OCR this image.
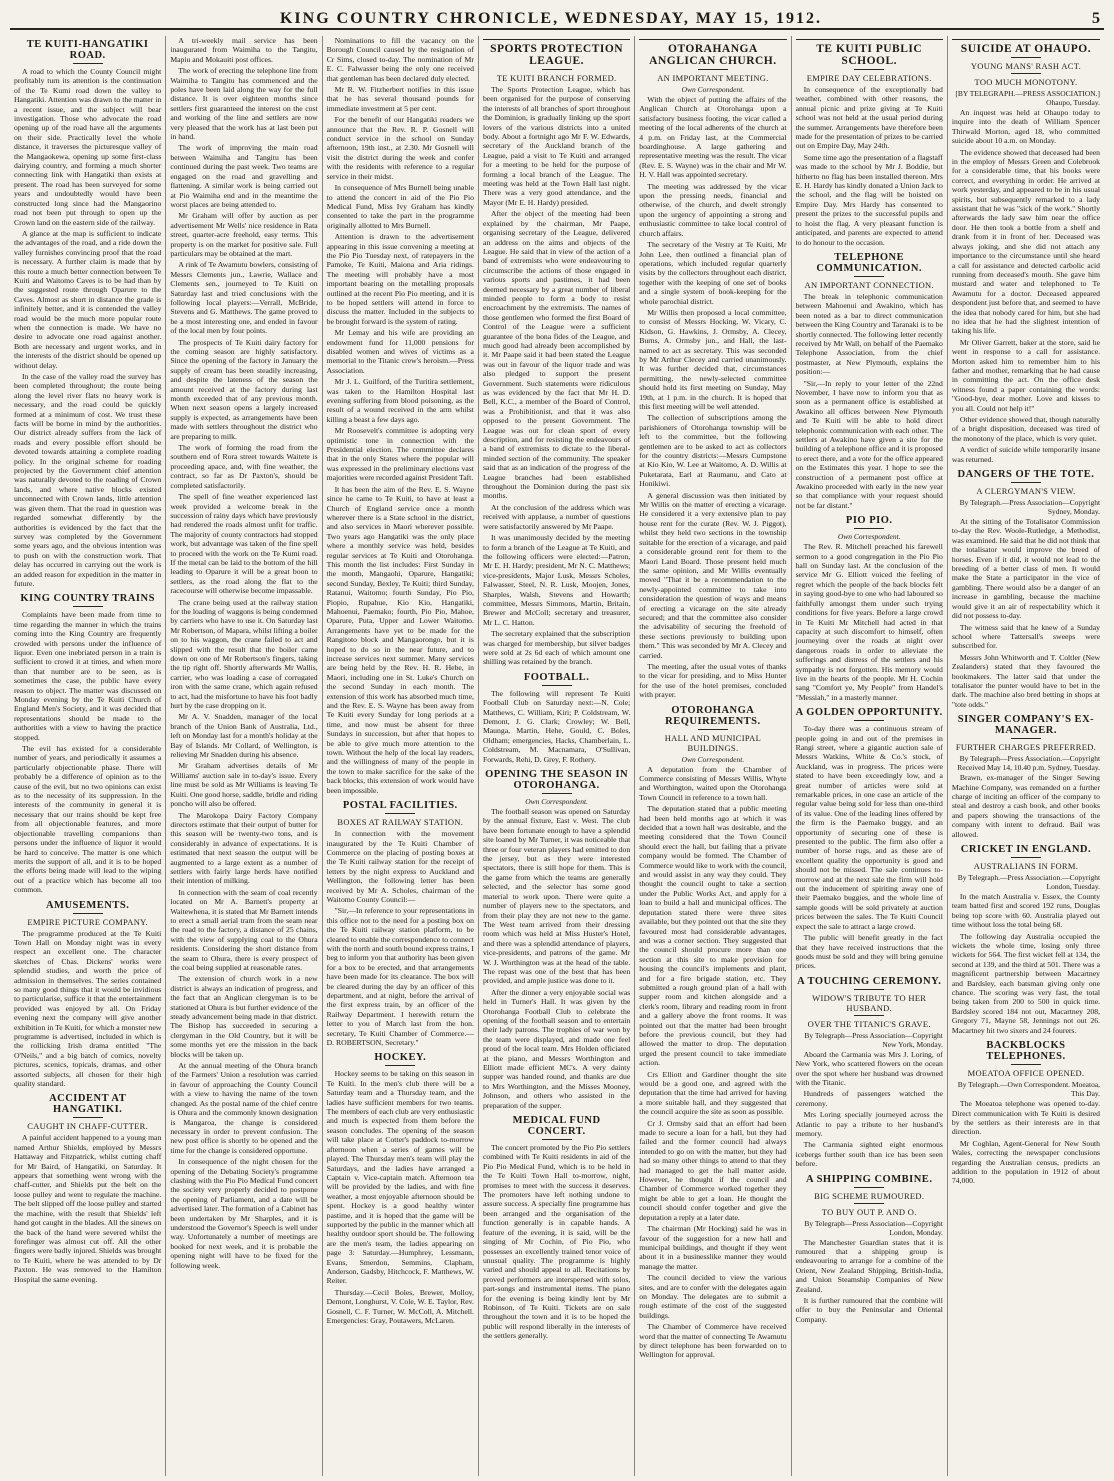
KING COUNTRY CHRONICLE, WEDNESDAY, MAY 15, 1912.	5
TE KUITI-HANGATIKI ROAD.

A road to which the County Council might profitably turn its attention is the continuation of the Te Kumi road down the valley to Hangatiki. Attention was drawn to the matter in a recent issue, and the subject will bear investigation. Those who advocate the road opening up of the road have all the arguments on their side. Practically level the whole distance, it traverses the picturesque valley of the Mangaokewa, opening up some first-class dairying country, and forming a much shorter connecting link with Hangatiki than exists at present. The road has been surveyed for some years and undoubtedly would have been constructed long since had the Mangaorino road not been put through to open up the Crown land on the eastern side of the railway.

A glance at the map is sufficient to indicate the advantages of the road, and a ride down the valley furnishes convincing proof that the road is necessary. A further claim is made that by this route a much better connection between Te Kuiti and Waitomo Caves is to be had than by the suggested route through Oparure to the Caves. Almost as short in distance the grade is infinitely better, and it is contended the valley road would be the much more popular route when the connection is made. We have no desire to advocate one road against another. Both are necessary and urgent works, and in the interests of the district should be opened up without delay.

In the case of the valley road the survey has been completed throughout; the route being along the level river flats no heavy work is necessary, and the road could be quickly formed at a minimum of cost. We trust these facts will be borne in mind by the authorities. Our district already suffers from the lack of roads and every possible effort should be devoted towards attaining a complete roading policy. In the original scheme for roading projected by the Government chief attention was naturally devoted to the roading of Crown lands, and where native blocks existed unconnected with Crown lands, little attention was given them. That the road in question was regarded somewhat differently by the authorities is evidenced by the fact that the survey was completed by the Government some years ago, and the obvious intention was to push on with the construction work. That delay has occurred in carrying out the work is an added reason for expedition in the matter in future.

KING COUNTRY TRAINS

Complaints have been made from time to time regarding the manner in which the trains coming into the King Country are frequently crowded with persons under the influence of liquor. Even one inebriated person in a train is sufficient to crowd it at times, and when more than that number are to be seen, as is sometimes the case, the public have every reason to object. The matter was discussed on Monday evening by the Te Kuiti Church of England Men's Society, and it was decided that representations should be made to the authorities with a view to having the practice stopped.

The evil has existed for a considerable number of years, and periodically it assumes a particularly objectionable phase. There will probably be a difference of opinion as to the cause of the evil, but no two opinions can exist as to the necessity of its suppression. In the interests of the community in general it is necessary that our trains should be kept free from all objectionable features, and more objectionable travelling companions than persons under the influence of liquor it would be hard to conceive. The matter is one which merits the support of all, and it is to be hoped the efforts being made will lead to the wiping out of a practice which has become all too common.

AMUSEMENTS.
EMPIRE PICTURE COMPANY.

The programme produced at the Te Kuiti Town Hall on Monday night was in every respect an excellent one. The character sketches of Chas. Dickens' works were splendid studies, and worth the price of admission in themselves. The series contained so many good things that it would be invidious to particularise, suffice it that the entertainment provided was enjoyed by all. On Friday evening next the company will give another exhibition in Te Kuiti, for which a monster new programme is advertised, included in which is the rollicking Irish drama entitled "The O'Neils," and a big batch of comics, novelty pictures, scenics, topicals, dramas, and other assorted subjects, all chosen for their high quality standard.

ACCIDENT AT HANGATIKI.
CAUGHT IN CHAFF-CUTTER.

A painful accident happened to a young man named Arthur Shields, employed by Messrs Hattaway and Fitzpatrick, whilst cutting chaff for Mr Baird, of Hangatiki, on Saturday. It appears that something went wrong with the chaff-cutter, and Shields put the belt on the loose pulley and went to regulate the machine. The belt slipped off the loose pulley and started the machine, with the result that Shields' left hand got caught in the blades. All the sinews on the back of the hand were severed whilst the forefinger was almost cut off. All the other fingers were badly injured. Shields was brought to Te Kuiti, where he was attended to by Dr Paxton. He was removed to the Hamilton Hospital the same evening.

A tri-weekly mail service has been inaugurated from Waimiha to the Tangitu, Mapiu and Mokauiti post offices.

The work of erecting the telephone line from Waimiha to Tangitu has commenced and the poles have been laid along the way for the full distance. It is over eighteen months since settlers first guaranteed the interest on the cost and working of the line and settlers are now very pleased that the work has at last been put in hand.

The work of improving the main road between Waimiha and Tangitu has been continued during the past week. Two teams are engaged on the road and gravelling and flattening. A similar work is being carried out at Pio Waimiha end and in the meantime the worst places are being attended to.

Mr Graham will offer by auction as per advertisement Mr Wells' nice residence in Rata street, quarter-acre freehold, easy terms. This property is on the market for positive sale. Full particulars may be obtained at the mart.

A rink of Te Awamutu bowlers, consisting of Messrs Clements jun., Lawrie, Wallace and Clements sen., journeyed to Te Kuiti on Saturday last and tried conclusions with the following local players:—Verrall, McBride, Stevens and G. Matthews. The game proved to be a most interesting one, and ended in favour of the local men by four points.

The prospects of Te Kuiti dairy factory for the coming season are highly satisfactory. Since the opening of the factory in January the supply of cream has been steadily increasing, and despite the lateness of the season the amount received at the factory during last month exceeded that of any previous month. When next season opens a largely increased supply is expected, as arrangements have been made with settlers throughout the district who are preparing to milk.

The work of forming the road from the southern end of Rora street towards Waitete is proceeding apace, and, with fine weather, the contract, so far as Dr Paxton's, should be completed satisfactorily.

The spell of fine weather experienced last week provided a welcome break in the succession of rainy days which have previously had rendered the roads almost unfit for traffic. The majority of county contractors had stopped work, but advantage was taken of the fine spell to proceed with the work on the Te Kumi road. If the metal can be laid to the bottom of the hill leading to Oparure it will be a great boon to settlers, as the road along the flat to the racecourse will otherwise become impassable.

The crane being used at the railway station for the loading of waggons is being condemned by carriers who have to use it. On Saturday last Mr Robertson, of Mapara, whilst lifting a boiler on to his waggon, the crane failed to act and slipped with the result that the boiler came down on one of Mr Robertson's fingers, taking the tip right off. Shortly afterwards Mr Wallis, carrier, who was loading a case of corrugated iron with the same crane, which again refused to act, had the misfortune to have his foot badly hurt by the case dropping on it.

Mr A. V. Snadden, manager of the local branch of the Union Bank of Australia, Ltd., left on Monday last for a month's holiday at the Bay of Islands. Mr Collard, of Wellington, is relieving Mr Snadden during his absence.

Mr Graham advertises details of Mr Williams' auction sale in to-day's issue. Every line must be sold as Mr Williams is leaving Te Kuiti. One good horse, saddle, bridle and riding poncho will also be offered.

The Marokopa Dairy Factory Company directors estimate that their output of butter for this season will be twenty-two tons, and is considerably in advance of expectations. It is estimated that next season the output will be augmented to a large extent as a number of settlers with fairly large herds have notified their intention of milking.

In connection with the seam of coal recently located on Mr A. Barnett's property at Waitewhena, it is stated that Mr Barnett intends to erect a small aerial tram from the seam near the road to the factory, a distance of 25 chains, with the view of supplying coal to the Ohura residents. Considering the short distance from the seam to Ohura, there is every prospect of the coal being supplied at reasonable rates.

The extension of church work in a new district is always an indication of progress, and the fact that an Anglican clergyman is to be stationed at Ohura is but further evidence of the steady advancement being made in that district. The Bishop has succeeded in securing a clergyman in the Old Country, but it will be some months yet ere the mission in the back blocks will be taken up.

At the annual meeting of the Ohura branch of the Farmers' Union a resolution was carried in favour of approaching the County Council with a view to having the name of the town changed. As the postal name of the chief centre is Ohura and the commonly known designation is Mangaroa, the change is considered necessary in order to prevent confusion. The new post office is shortly to be opened and the time for the change is considered opportune.

In consequence of the night chosen for the opening of the Debating Society's programme clashing with the Pio Pio Medical Fund concert the society very properly decided to postpone the opening of Parliament, and a date will be advertised later. The formation of a Cabinet has been undertaken by Mr Sharples, and it is understood the Governor's Speech is well under way. Unfortunately a number of meetings are booked for next week, and it is probable the opening night will have to be fixed for the following week.

Nominations to fill the vacancy on the Borough Council caused by the resignation of Cr Sims, closed to-day. The nomination of Mr E. C. Falwasser being the only one received that gentleman has been declared duly elected.

Mr R. W. Fitzherbert notifies in this issue that he has several thousand pounds for immediate investment at 5 per cent.

For the benefit of our Hangatiki readers we announce that the Rev. R. P. Gosnell will conduct service in the school on Sunday afternoon, 19th inst., at 2.30. Mr Gosnell will visit the district during the week and confer with the residents with reference to a regular service in their midst.

In consequence of Mrs Burnell being unable to attend the concert in aid of the Pio Pio Medical Fund, Miss Ivy Graham has kindly consented to take the part in the programme originally allotted to Mrs Burnell.

Attention is drawn to the advertisement appearing in this issue convening a meeting at the Pio Pio Tuesday next, of ratepayers in the Pamoke, Te Kuiti, Maiona and Aria ridings. The meeting will probably have a most important bearing on the metalling proposals outlined at the recent Pio Pio meeting, and it is to be hoped settlers will attend in force to discuss the matter. Included in the subjects to be brought forward is the system of rating.

Mr Lemay and his wife are providing an endowment fund for 11,000 pensions for disabled women and wives of victims as a memorial to the Titanic crew's heroism.—Press Association.

Mr J. L. Guilford, of the Turitira settlement, was taken to the Hamilton Hospital last evening suffering from blood poisoning, as the result of a wound received in the arm whilst killing a beast a few days ago.

Mr Roosevelt's committee is adopting very optimistic tone in connection with the Presidential election. The committee declares that in the only States where the popular will was expressed in the preliminary elections vast majorities were recorded against President Taft.

It has been the aim of the Rev. E. S. Wayne since he came to Te Kuiti, to have at least a Church of England service once a month wherever there is a State school in the district, and also services in Maori wherever possible. Two years ago Hangatiki was the only place where a monthly service was held, besides regular services at Te Kuiti and Otorohanga. This month the list includes: First Sunday in the month, Mangaohi, Oparure, Hangatiki; second Sunday, Bexley, Te Kuiti; third Sunday, Ratanui, Waitomo; fourth Sunday, Pio Pio, Piopio, Rupahue, Kio Kio, Hangatiki, Mahoenui, Paemako; fourth, Pio Pio, Mahoe, Oparure, Puta, Upper and Lower Waitomo. Arrangements have yet to be made for the Rangitoto block and Mangaorongo, but it is hoped to do so in the near future, and to increase services next summer. Many services are being held by the Rev. H. R. Hebe, in Maori, including one in St. Luke's Church on the second Sunday in each month. The extension of this work has absorbed much time, and the Rev. E. S. Wayne has been away from Te Kuiti every Sunday for long periods at a time, and now must be absent for three Sundays in succession, but after that hopes to be able to give much more attention to the town. Without the help of the local lay readers, and the willingness of many of the people in the town to make sacrifice for the sake of the back blocks, this extension of work would have been impossible.

POSTAL FACILITIES.
BOXES AT RAILWAY STATION.

In connection with the movement inaugurated by the Te Kuiti Chamber of Commerce on the placing of posting boxes at the Te Kuiti railway station for the receipt of letters by the night express to Auckland and Wellington, the following letter has been received by Mr A. Scholes, chairman of the Waitomo County Council:—

"Sir,—In reference to your representations in this office not to the need for a posting box on the Te Kuiti railway station platform, to be cleared to enable the correspondence to connect with the north and south bound express trains, I beg to inform you that authority has been given for a box to be erected, and that arrangements have been made for its clearance. The box will be cleared during the day by an officer of this department, and at night, before the arrival of the first express train, by an officer of the Railway Department. I herewith return the letter to you of March last from the hon. secretary, Te Kuiti Chamber of Commerce.—D. ROBERTSON, Secretary."

HOCKEY.

Hockey seems to be taking on this season in Te Kuiti. In the men's club there will be a Saturday team and a Thursday team, and the ladies have sufficient members for two teams. The members of each club are very enthusiastic and much is expected from them before the season concludes. The opening of the season will take place at Cotter's paddock to-morrow afternoon when a series of games will be played. The Thursday men's team will play the Saturdays, and the ladies have arranged a Captain v. Vice-captain match. Afternoon tea will be provided by the ladies, and with fine weather, a most enjoyable afternoon should be spent. Hockey is a good healthy winter pastime, and it is hoped that the game will be supported by the public in the manner which all healthy outdoor sport should be. The following are the men's team, the ladies appearing on page 3: Saturday.—Humphrey, Lessmann, Evans, Smerdon, Semmins, Clapham, Anderson, Gadsby, Hitchcock, F. Matthews, W. Reiter.

Thursday.—Cecil Boles, Brewer, Molloy, Demont, Longhurst, V. Cole, W. E. Taylor, Rev. Gosnell, C. F. Turner, W. McColl, A. Mitchell. Emergencies: Gray, Poutawers, McLaren.

SPORTS PROTECTION LEAGUE.
TE KUITI BRANCH FORMED.

The Sports Protection League, which has been organised for the purpose of conserving the interests of all branches of sport throughout the Dominion, is gradually linking up the sport lovers of the various districts into a united body. About a fortnight ago Mr F. W. Edwards, secretary of the Auckland branch of the League, paid a visit to Te Kuiti and arranged for a meeting to be held for the purpose of forming a local branch of the League. The meeting was held at the Town Hall last night. There was a very good attendance, and the Mayor (Mr E. H. Hardy) presided.

After the object of the meeting had been explained by the chairman, Mr Paape, organising secretary of the League, delivered an address on the aims and objects of the League. He said that in view of the action of a band of extremists who were endeavouring to circumscribe the actions of those engaged in various sports and pastimes, it had been deemed necessary by a great number of liberal minded people to form a body to resist encroachment by the extremists. The names of those gentlemen who formed the first Board of Control of the League were a sufficient guarantee of the bona fides of the League, and much good had already been accomplished by it. Mr Paape said it had been stated the League was out in favour of the liquor trade and was also pledged to support the present Government. Such statements were ridiculous as was evidenced by the fact that Mr H. D. Bell, K.C., a member of the Board of Control, was a Prohibitionist, and that it was also opposed to the present Government. The League was out for clean sport of every description, and for resisting the endeavours of a band of extremists to dictate to the liberal-minded section of the community. The speaker said that as an indication of the progress of the League branches had been established throughout the Dominion during the past six months.

At the conclusion of the address which was received with applause, a number of questions were satisfactorily answered by Mr Paape.

It was unanimously decided by the meeting to form a branch of the League at Te Kuiti, and the following officers were elected:—Patron, Mr E. H. Hardy; president, Mr N. C. Matthews; vice-presidents, Major Lusk, Messrs Scholes, Falwasser, Steel, N. R. Lusk, Moojen, Jones, Sharples, Walsh, Stevens and Howarth; committee, Messrs Simmons, Martin, Britain, Brewer and McColl; secretary and treasurer, Mr L. C. Hatton.

The secretary explained that the subscription was charged for membership, but silver badges were sold at 2s 6d each of which amount one shilling was retained by the branch.

FOOTBALL.

The following will represent Te Kuiti Football Club on Saturday next:—N. Cole; Matthews, C. William, Kiri; P. Coldstream, W. Demont, J. G. Clark; Crowley; W. Bell, Maunga, Martin, Hehe, Gould, C. Boles, Oldham; emergencies, Hacks, Chamberlain, L. Coldstream, M. Macnamara, O'Sullivan, Forwards, Rehi, D. Grey, F. Rothery.

OPENING THE SEASON IN OTOROHANGA.
Own Correspondent.

The football season was opened on Saturday by the annual fixture, East v. West. The club have been fortunate enough to have a splendid site loaned by Mr Turner, it was noticeable that three or four veteran players had emitted to don the jersey, but as they were interested spectators, there is still hope for them. This is the game from which the teams are generally selected, and the selector has some good material to work upon. There were quite a number of players new to the spectators, and from their play they are not new to the game. The West team arrived from their dressing room which was held at Miss Huster's Hotel, and there was a splendid attendance of players, vice-presidents, and patrons of the game. Mr W. J. Worthington was at the head of the table. The repast was one of the best that has been provided, and ample justice was done to it.

After the dinner a very enjoyable social was held in Turner's Hall. It was given by the Otorohanga Football Club to celebrate the opening of the football season and to entertain their lady patrons. The trophies of war won by the team were displayed, and made one feel proud of the local team. Mrs Holden officiated at the piano, and Messrs Worthington and Elliott made efficient MC's. A very dainty supper was handed round, and thanks are due to Mrs Worthington, and the Misses Mooney, Johnson, and others who assisted in the preparation of the supper.

MEDICAL FUND CONCERT.

The concert promoted by the Pio Pio settlers combined with Te Kuiti residents in aid of the Pio Pio Medical Fund, which is to be held in the Te Kuiti Town Hall to-morrow, night, promises to meet with the success it deserves. The promoters have left nothing undone to assure success. A specially fine programme has been arranged and the organisation of the function generally is in capable hands. A feature of the evening, it is said, will be the singing of Mr Cochin, of Pio Pio, who possesses an excellently trained tenor voice of unusual quality. The programme is highly varied and should appeal to all. Recitations by proved performers are interspersed with solos, part-songs and instrumental items. The piano for the evening is being kindly lent by Mr Robinson, of Te Kuiti. Tickets are on sale throughout the town and it is to be hoped the public will respond liberally in the interests of the settlers generally.

OTORAHANGA ANGLICAN CHURCH.
AN IMPORTANT MEETING.
Own Correspondent.

With the object of putting the affairs of the Anglican Church at Otorohanga upon a satisfactory business footing, the vicar called a meeting of the local adherents of the church at 4 p.m. on Friday last, at the Commercial boardinghouse. A large gathering and representative meeting was the result. The vicar (Rev. E. S. Wayne) was in the chair and Mr W. H. V. Hall was appointed secretary.

The meeting was addressed by the vicar upon the pressing needs, financial and otherwise, of the church, and dwelt strongly upon the urgency of appointing a strong and enthusiastic committee to take local control of church affairs.

The secretary of the Vestry at Te Kuiti, Mr John Lee, then outlined a financial plan of operations, which included regular quarterly visits by the collectors throughout each district, together with the keeping of one set of books and a single system of book-keeping for the whole parochial district.

Mr Willis then proposed a local committee, to consist of Messrs Hocking, W. Vicary, C. Kidson, G. Hawkins, J. Ormsby, A. Clecey, Burns, A. Ormsby jun., and Hall, the last-named to act as secretary. This was seconded by Mr Arthur Clecey and carried unanimously. It was further decided that, circumstances permitting, the newly-selected committee should hold its first meeting on Sunday, May 19th, at 1 p.m. in the church. It is hoped that this first meeting will be well attended.

The collection of subscriptions among the parishioners of Otorohanga township will be left to the committee, but the following gentlemen are to be asked to act as collectors for the country districts:—Messrs Cumpstone at Kio Kio, W. Lee at Waitomo, A. D. Willis at Puketarata, Earl at Raumanu, and Cato at Honikiwi.

A general discussion was then initiated by Mr Willis on the matter of erecting a vicarage. He considered it a very extensive plan to pay house rent for the curate (Rev. W. J. Piggot), whilst they held two sections in the township suitable for the erection of a vicarage, and paid a considerable ground rent for them to the Maori Land Board. Those present held much the same opinion, and Mr Willis eventually moved "That it be a recommendation to the newly-appointed committee to take into consideration the question of ways and means of erecting a vicarage on the site already secured; and that the committee also consider the advisability of securing the freehold of these sections previously to building upon them." This was seconded by Mr A. Clecey and carried.

The meeting, after the usual votes of thanks to the vicar for presiding, and to Miss Hunter for the use of the hotel premises, concluded with prayer.

OTOROHANGA REQUIREMENTS.
HALL AND MUNICIPAL BUILDINGS.
Own Correspondent.

A deputation from the Chamber of Commerce consisting of Messrs Willis, Whyte and Worthington, waited upon the Otorohanga Town Council in reference to a town hall.

The deputation stated that a public meeting had been held months ago at which it was decided that a town hall was desirable, and the meeting considered that the Town Council should erect the hall, but failing that a private company would be formed. The Chamber of Commerce would like to work with the council, and would assist in any way they could. They thought the council ought to take a section under the Public Works Act, and apply for a loan to build a hall and municipal offices. The deputation stated there were three sites available, but they pointed out that the site they favoured most had considerable advantages, and was a corner section. They suggested that the council should procure more than one section at this site to make provision for housing the council's implements and plant, and for a fire brigade station, etc. They submitted a rough ground plan of a hall with supper room and kitchen alongside and a clerk's room, library and reading room in front and a gallery above the front rooms. It was pointed out that the matter had been brought before the previous council, but they had allowed the matter to drop. The deputation urged the present council to take immediate action.

Crs Elliott and Gardiner thought the site would be a good one, and agreed with the deputation that the time had arrived for having a more suitable hall, and they suggested that the council acquire the site as soon as possible.

Cr J. Ormsby said that an effort had been made to secure a loan for a hall, but they had failed and the former council had always intended to go on with the matter, but they had had so many other things to attend to that they had managed to get the hall matter aside. However, he thought if the council and Chamber of Commerce worked together they might be able to get a loan. He thought the council should confer together and give the deputation a reply at a later date.

The chairman (Mr Hocking) said he was in favour of the suggestion for a new hall and municipal buildings, and thought if they went about it in a businesslike manner they would manage the matter.

The council decided to view the various sites, and are to confer with the delegates again on Monday. The delegates are to submit a rough estimate of the cost of the suggested buildings.

The Chamber of Commerce have received word that the matter of connecting Te Awamutu by direct telephone has been forwarded on to Wellington for approval.

TE KUITI PUBLIC SCHOOL.
EMPIRE DAY CELEBRATIONS.

In consequence of the exceptionally bad weather, combined with other reasons, the annual picnic and prize giving at Te Kuiti school was not held at the usual period during the summer. Arrangements have therefore been made for the presentation of prizes to be carried out on Empire Day, May 24th.

Some time ago the presentation of a flagstaff was made to the school by Mr J. Boddie, but hitherto no flag has been installed thereon. Mrs E. H. Hardy has kindly donated a Union Jack to the school, and the flag will be hoisted on Empire Day. Mrs Hardy has consented to present the prizes to the successful pupils and to hoist the flag. A very pleasant function is anticipated, and parents are expected to attend to do honour to the occasion.

TELEPHONE COMMUNICATION.
AN IMPORTANT CONNECTION.

The break in telephonic communication between Mahoenui and Awakino, which has been noted as a bar to direct communication between the King Country and Taranaki is to be shortly connected. The following letter recently received by Mr Wall, on behalf of the Paemako Telephone Association, from the chief postmaster, at New Plymouth, explains the position:—

"Sir,—In reply to your letter of the 22nd November, I have now to inform you that as soon as a permanent office is established at Awakino all offices between New Plymouth and Te Kuiti will be able to hold direct telephonic communication with each other. The settlers at Awakino have given a site for the building of a telephone office and it is proposed to erect there, and a vote for the office appeared on the Estimates this year. I hope to see the construction of a permanent post office at Awakino proceeded with early in the new year so that compliance with your request should not be far distant."

PIO PIO.
Own Correspondent.

The Rev. R. Mitchell preached his farewell sermon to a good congregation in the Pio Pio hall on Sunday last. At the conclusion of the service Mr G. Elliott voiced the feeling of regret which the people of the back blocks felt in saying good-bye to one who had laboured so faithfully amongst them under such trying conditions for five years. Before a large crowd in Te Kuiti Mr Mitchell had acted in that capacity at such discomfort to himself, often journeying over the roads at night over dangerous roads in order to alleviate the sufferings and distress of the settlers and his sympathy is not forgotten. His memory would live in the hearts of the people. Mr H. Cochin sang "Comfort ye, My People" from Handel's "Messiah," in a masterly manner.

A GOLDEN OPPORTUNITY.

To-day there was a continuous stream of people going in and out of the premises in Rangi street, where a gigantic auction sale of Messrs Watkins, White & Co.'s stock, of Auckland, was in progress. The prices were stated to have been exceedingly low, and a great number of articles were sold at remarkable prices, in one case an article of the regular value being sold for less than one-third of its value. One of the leading lines offered by the firm is the Paemako buggy, and an opportunity of securing one of these is presented to the public. The firm also offer a number of horse rugs, and as these are of excellent quality the opportunity is good and should not be missed. The sale continues to-morrow and at the next sale the firm will hold out the inducement of spiriting away one of their Paemako buggies, and the whole line of sample goods will be sold privately at auction prices between the sales. The Te Kuiti Council expect the sale to attract a large crowd.

The public will benefit greatly in the fact that they have received instructions that the goods must be sold and they will bring genuine prices.

A TOUCHING CEREMONY.
WIDOW'S TRIBUTE TO HER HUSBAND.
OVER THE TITANIC'S GRAVE.
By Telegraph—Press Association—Copyright New York, Monday.

Aboard the Carmania was Mrs J. Loring, of New York, who scattered flowers on the ocean over the spot where her husband was drowned with the Titanic.

Hundreds of passengers watched the ceremony.

Mrs Loring specially journeyed across the Atlantic to pay a tribute to her husband's memory.

The Carmania sighted eight enormous icebergs further south than ice has been seen before.

A SHIPPING COMBINE.
BIG SCHEME RUMOURED.
TO BUY OUT P. AND O.
By Telegraph—Press Association—Copyright London, Monday.

The Manchester Guardian states that it is rumoured that a shipping group is endeavouring to arrange for a combine of the Orient, New Zealand Shipping, British-India, and Union Steamship Companies of New Zealand.

It is further rumoured that the combine will offer to buy the Peninsular and Oriental Company.

SUICIDE AT OHAUPO.
YOUNG MANS' RASH ACT.
TOO MUCH MONOTONY.
[BY TELEGRAPH.—PRESS ASSOCIATION.] Ohaupo, Tuesday.

An inquest was held at Ohaupo today to inquire into the death of William Spencer Thirwald Morton, aged 18, who committed suicide about 10 a.m. on Monday.

The evidence showed that deceased had been in the employ of Messrs Green and Colebrook for a considerable time, that his books were correct, and everything in order. He arrived at work yesterday, and appeared to be in his usual spirits, but subsequently remarked to a lady assistant that he was "sick of the work." Shortly afterwards the lady saw him near the office door. He then took a bottle from a shelf and drank from it in front of her. Deceased was always joking, and she did not attach any importance to the circumstance until she heard a call for assistance and detected carbolic acid running from deceased's mouth. She gave him mustard and water and telephoned to Te Awamutu for a doctor. Deceased appeared despondent just before that, and seemed to have the idea that nobody cared for him, but she had no idea that he had the slightest intention of taking his life.

Mr Oliver Garrett, baker at the store, said he went in response to a call for assistance. Morton asked him to remember him to his father and mother, remarking that he had cause in committing the act. On the office desk witness found a paper containing the words: "Good-bye, dear mother. Love and kisses to you all. Could not help it!"

Other evidence showed that, though naturally of a bright disposition, deceased was tired of the monotony of the place, which is very quiet.

A verdict of suicide while temporarily insane was returned.

DANGERS OF THE TOTE.
A CLERGYMAN'S VIEW.
By Telegraph.—Press Association—Copyright Sydney, Monday.

At the sitting of the Totalisator Commission to-day the Rev. Woole-Rutledge, a Methodist, was examined. He said that he did not think that the totalisator would improve the breed of horses. Even if it did, it would not lead to the breeding of a better class of men. It would make the State a participator in the vice of gambling. There would also be a danger of an increase in gambling, because the machine would give it an air of respectability which it did not possess to-day.

The witness said that he knew of a Sunday school where Tattersall's sweeps were subscribed for.

Messrs John Whitworth and T. Coltler (New Zealanders) stated that they favoured the bookmakers. The latter said that under the totalisator the punter would have to bet in the dark. The machine also bred betting in shops at "tote odds."

SINGER COMPANY'S EX-MANAGER.
FURTHER CHARGES PREFERRED.
By Telegraph—Press Association.—Copyright Received May 14, 10.40 p.m. Sydney, Tuesday.

Brawn, ex-manager of the Singer Sewing Machine Company, was remanded on a further charge of inciting an officer of the company to steal and destroy a cash book, and other books and papers showing the transactions of the company with intent to defraud. Bail was allowed.

CRICKET IN ENGLAND.
AUSTRALIANS IN FORM.
By Telegraph.—Press Association.—Copyright London, Tuesday.

In the match Australia v. Essex, the County team batted first and scored 192 runs, Douglas being top score with 60. Australia played out time without loss the total being 68.

The following day Australia occupied the wickets the whole time, losing only three wickets for 564. The first wicket fell at 134, the second at 139, and the third at 501. There was a magnificent partnership between Macartney and Bardsley, each batsman giving only one chance. The scoring was very fast, the total being taken from 200 to 500 in quick time. Bardsley scored 184 not out, Macartney 208, Gregory 71, Mayne 58, Jennings not out 26. Macartney hit two sixers and 24 fourers.

BACKBLOCKS TELEPHONES.
MOEATOA OFFICE OPENED.
By Telegraph.—Own Correspondent. Moeatoa, This Day.

The Moeatoa telephone was opened to-day. Direct communication with Te Kuiti is desired by the settlers as their interests are in that direction.

Mr Coghlan, Agent-General for New South Wales, correcting the newspaper conclusions regarding the Australian census, predicts an addition to the population in 1912 of about 74,000.
